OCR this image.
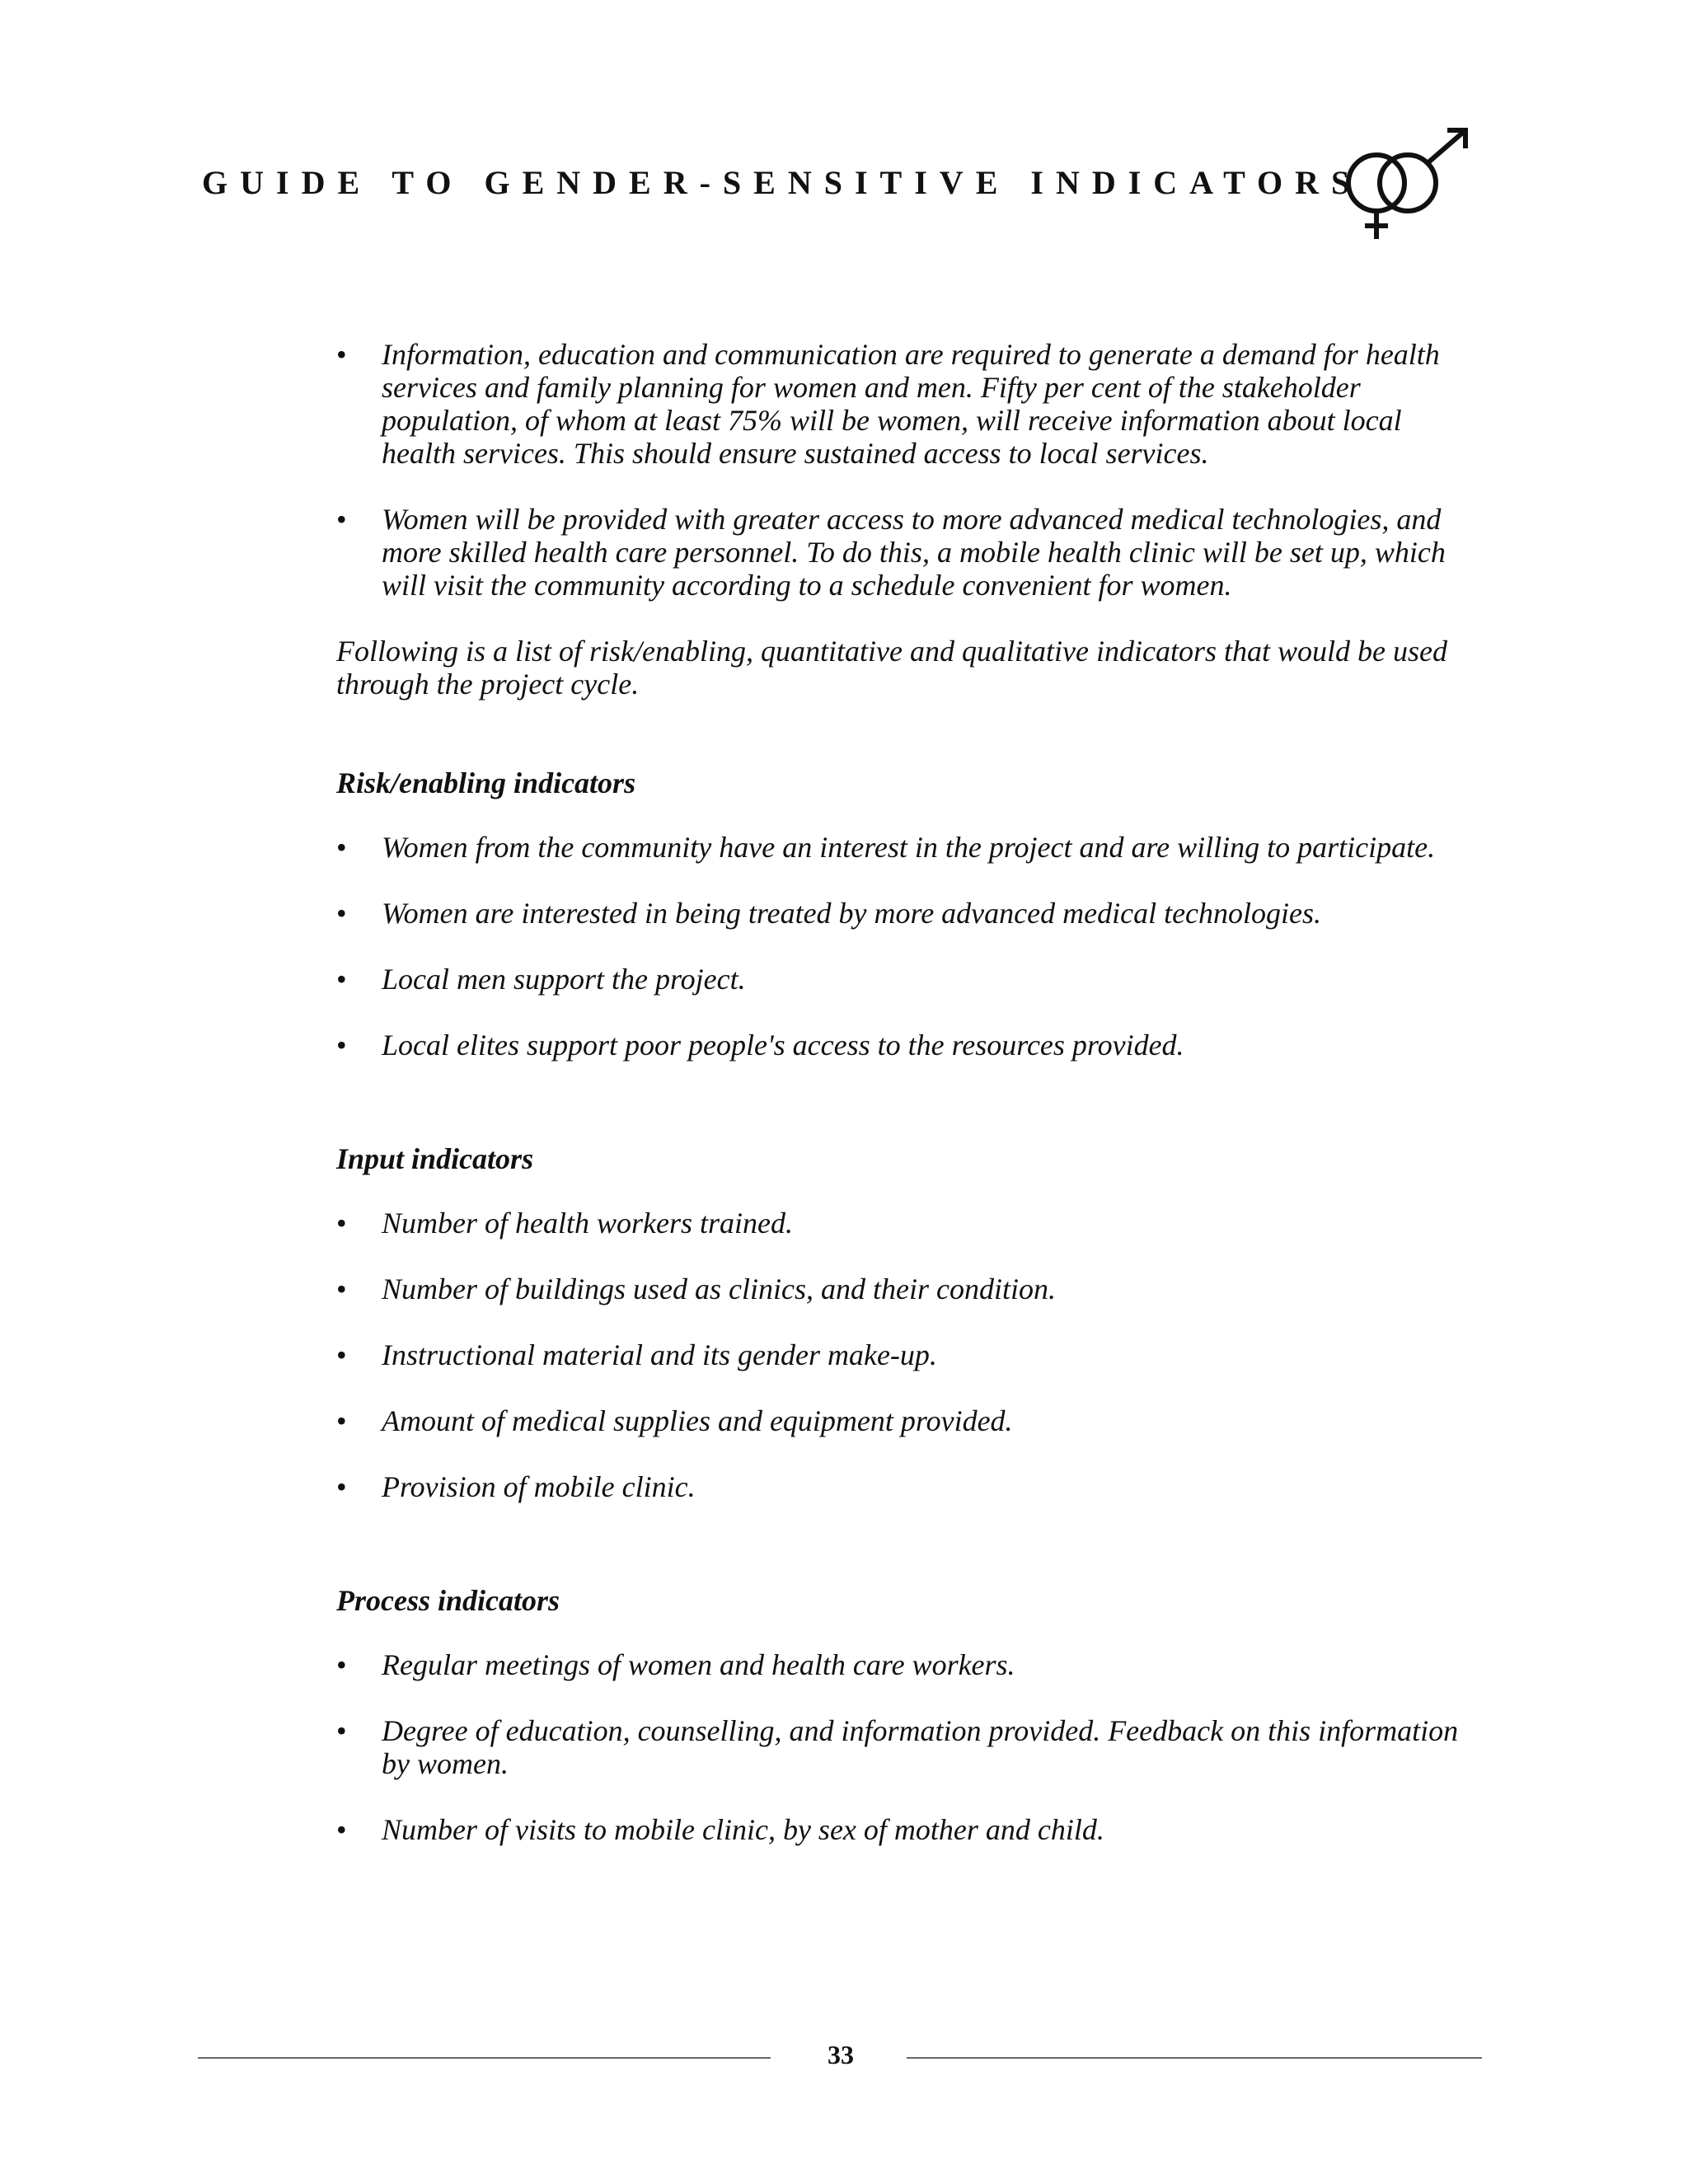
GUIDE TO GENDER-SENSITIVE INDICATORS
• Information, education and communication are required to generate a demand for health services and family planning for women and men. Fifty per cent of the stakeholder population, of whom at least 75% will be women, will receive information about local health services. This should ensure sustained access to local services.
• Women will be provided with greater access to more advanced medical technologies, and more skilled health care personnel. To do this, a mobile health clinic will be set up, which will visit the community according to a schedule convenient for women.
Following is a list of risk/enabling, quantitative and qualitative indicators that would be used through the project cycle.
Risk/enabling indicators
• Women from the community have an interest in the project and are willing to participate.
• Women are interested in being treated by more advanced medical technologies.
• Local men support the project.
• Local elites support poor people's access to the resources provided.
Input indicators
• Number of health workers trained.
• Number of buildings used as clinics, and their condition.
• Instructional material and its gender make-up.
• Amount of medical supplies and equipment provided.
• Provision of mobile clinic.
Process indicators
• Regular meetings of women and health care workers.
• Degree of education, counselling, and information provided. Feedback on this information by women.
• Number of visits to mobile clinic, by sex of mother and child.
33
